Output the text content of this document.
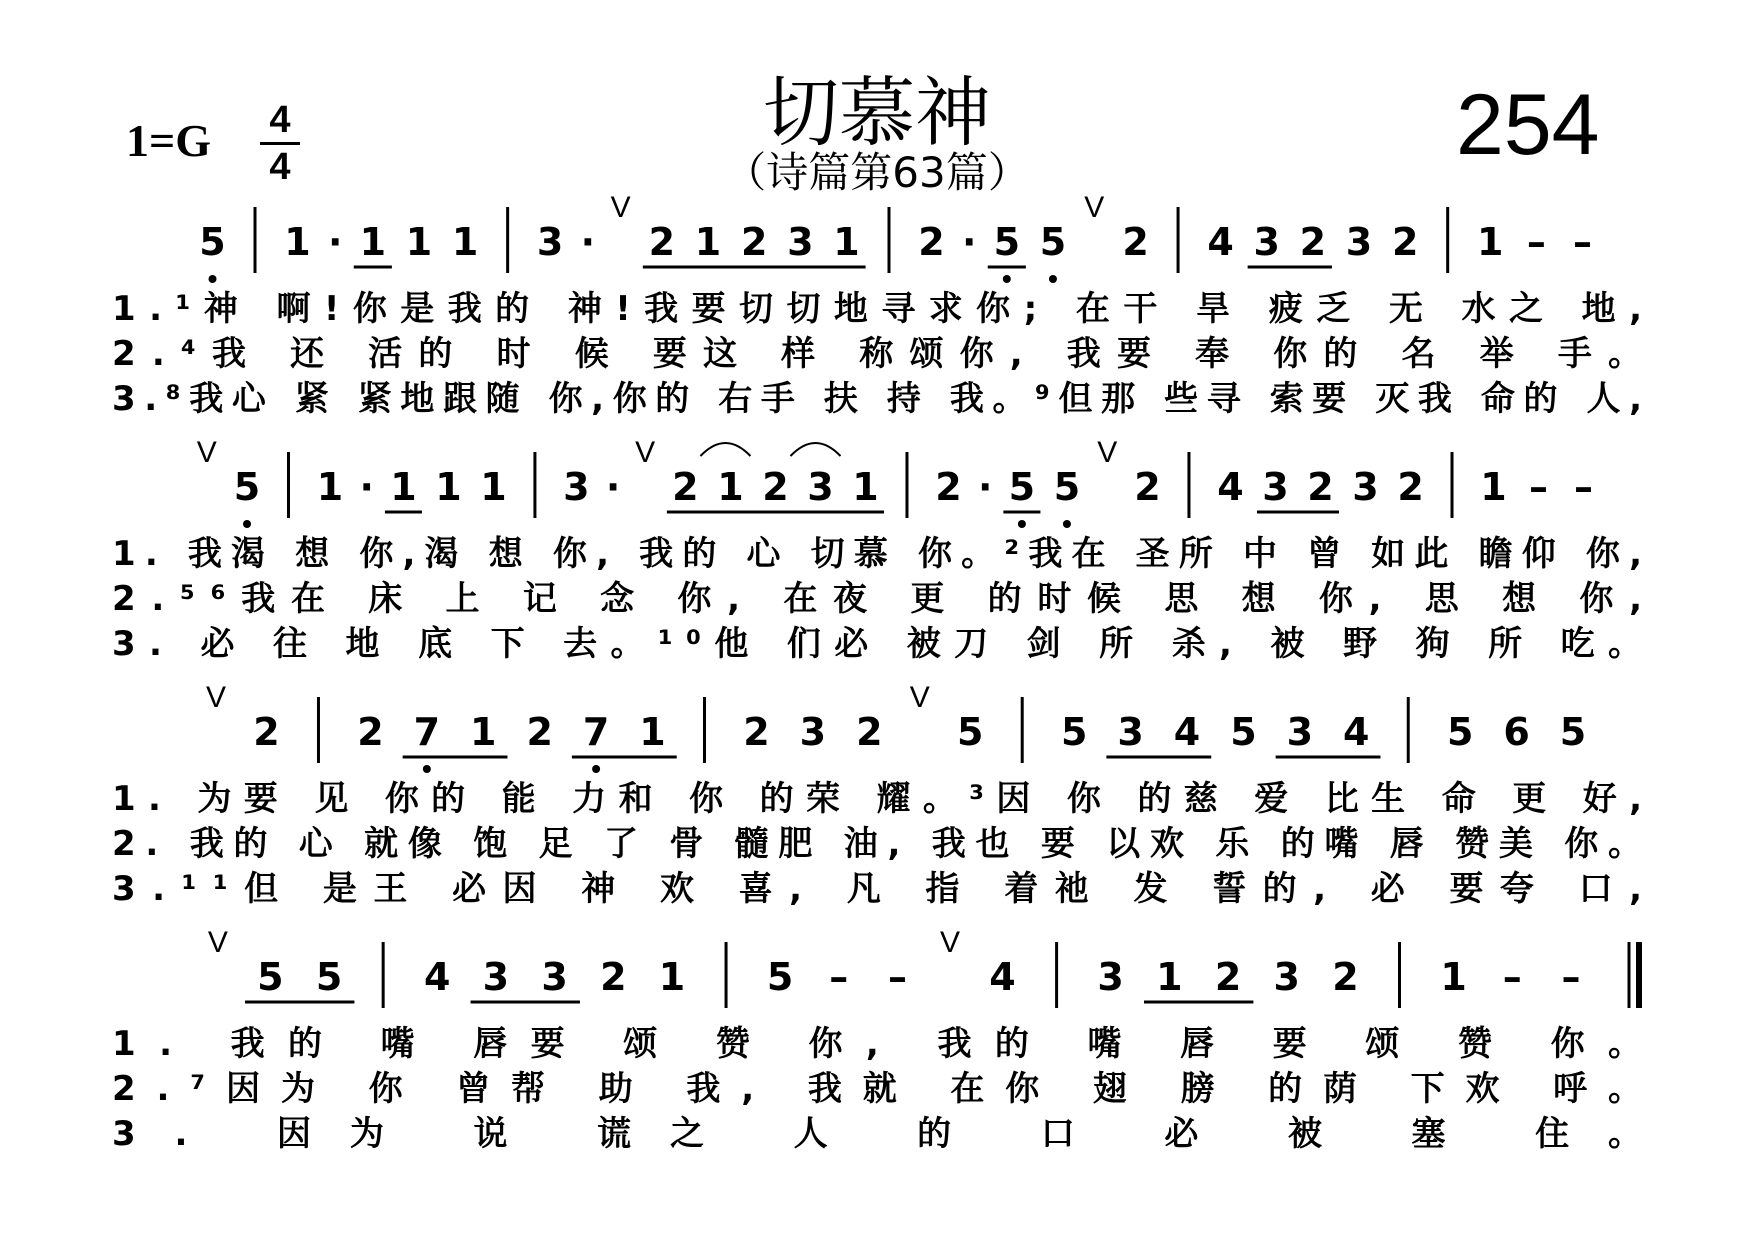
1=G 4
4
切慕神
（诗篇第63篇）	254
5 1 · 1 1 1 3 ·
V
2 1 2 3 1 2 · 5 5
V
2 4 3 2 3 2 1 – –
1.¹神 啊!你是我的 神!我要切切地寻求你; 在干 旱 疲乏 无 水之 地,
2.⁴我 还 活的 时 候 要这 样 称颂你, 我要 奉 你的 名 举 手。
3.⁸我心 紧 紧地跟随 你,你的 右手 扶 持 我。⁹但那 些寻 索要 灭我 命的 人,
V
5 1 · 1 1 1 3 ·
V
2 1 2 3 1 2 · 5 5
V
2 4 3 2 3 2 1 – –
1. 我渴 想 你,渴 想 你, 我的 心 切慕 你。²我在 圣所 中 曾 如此 瞻仰 你,
2.⁵⁶我在 床 上 记 念 你, 在夜 更 的时候 思 想 你, 思 想 你,
3. 必 往 地 底 下 去。¹⁰他 们必 被刀 剑 所 杀, 被 野 狗 所 吃。
V
2 2 7 1 2 7 1 2 3 2
V
5 5 3 4 5 3 4 5 6 5
1. 为要 见 你的 能 力和 你 的荣 耀。³因 你 的慈 爱 比生 命 更 好,
2. 我的 心 就像 饱 足 了 骨 髓肥 油, 我也 要 以欢 乐 的嘴 唇 赞美 你。
3.¹¹但 是王 必因 神 欢 喜, 凡 指 着祂 发 誓的, 必 要夸 口,
V
5 5 4 3 3 2 1 5 – –
V
4 3 1 2 3 2 1 – –
1. 我的 嘴 唇要 颂 赞 你, 我的 嘴 唇 要 颂 赞 你。
2.⁷因为 你 曾帮 助 我, 我就 在你 翅 膀 的荫 下欢 呼。
3. 因为 说 谎之 人 的 口 必 被 塞 住。
